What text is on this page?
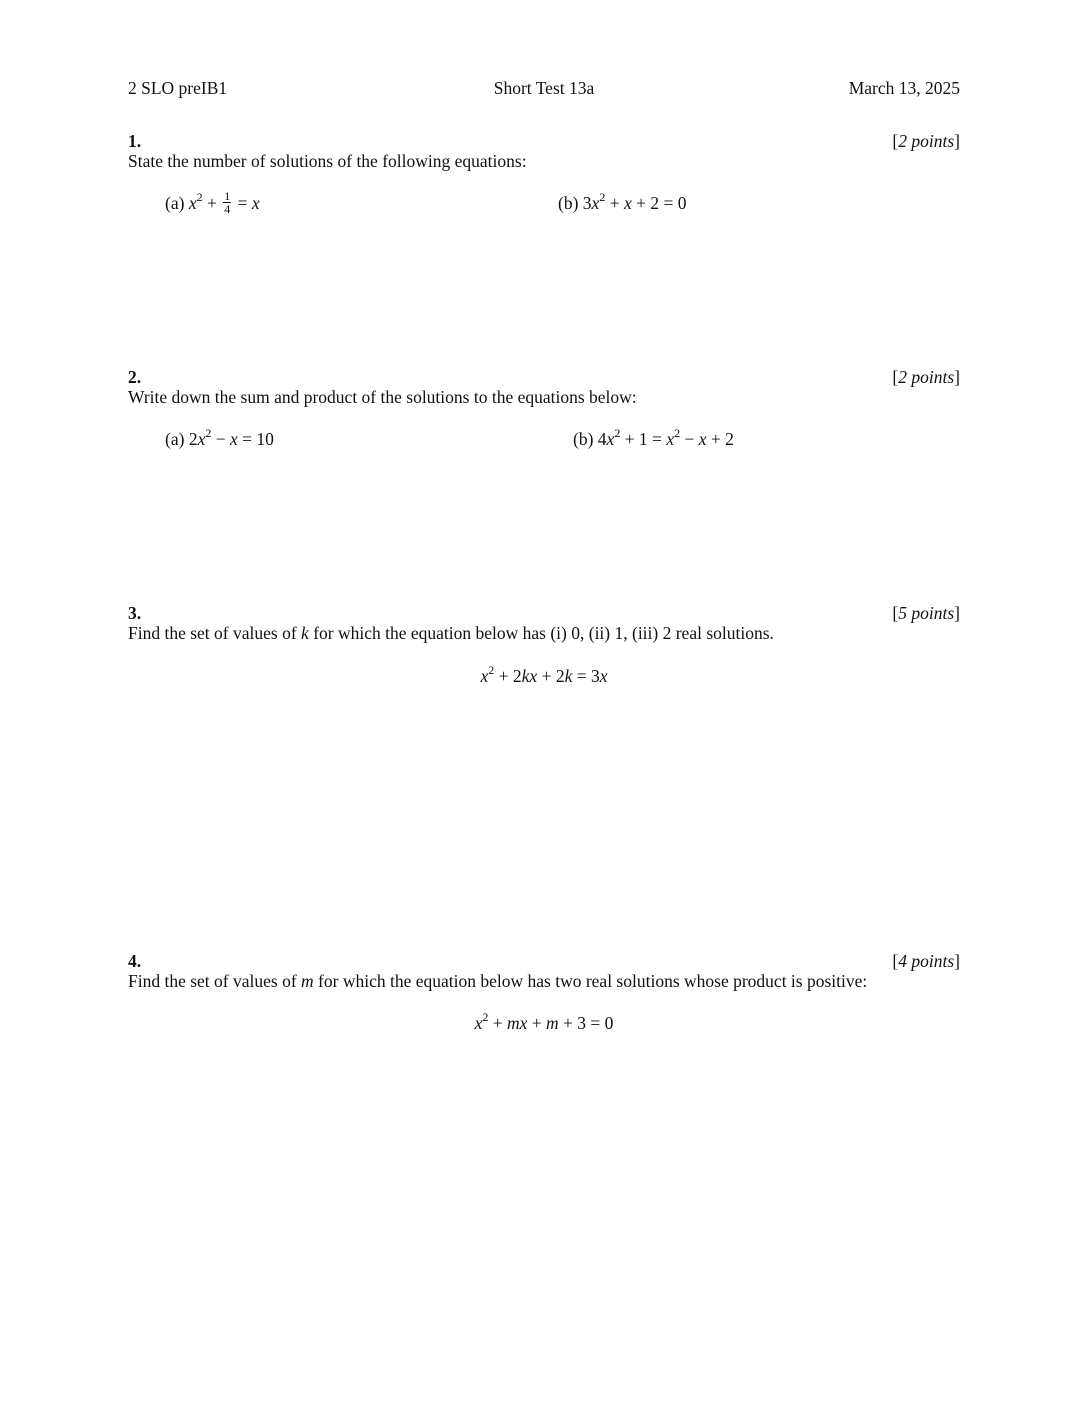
2 SLO preIB1	Short Test 13a	March 13, 2025
1.	[2 points]
State the number of solutions of the following equations:
(a) $x^2 + \frac{1}{4} = x$	(b) $3x^2 + x + 2 = 0$
2.	[2 points]
Write down the sum and product of the solutions to the equations below:
(a) $2x^2 - x = 10$	(b) $4x^2 + 1 = x^2 - x + 2$
3.	[5 points]
Find the set of values of k for which the equation below has (i) 0, (ii) 1, (iii) 2 real solutions.
$x^2 + 2kx + 2k = 3x$
4.	[4 points]
Find the set of values of m for which the equation below has two real solutions whose product is positive:
$x^2$ + mx + m + 3 = 0
